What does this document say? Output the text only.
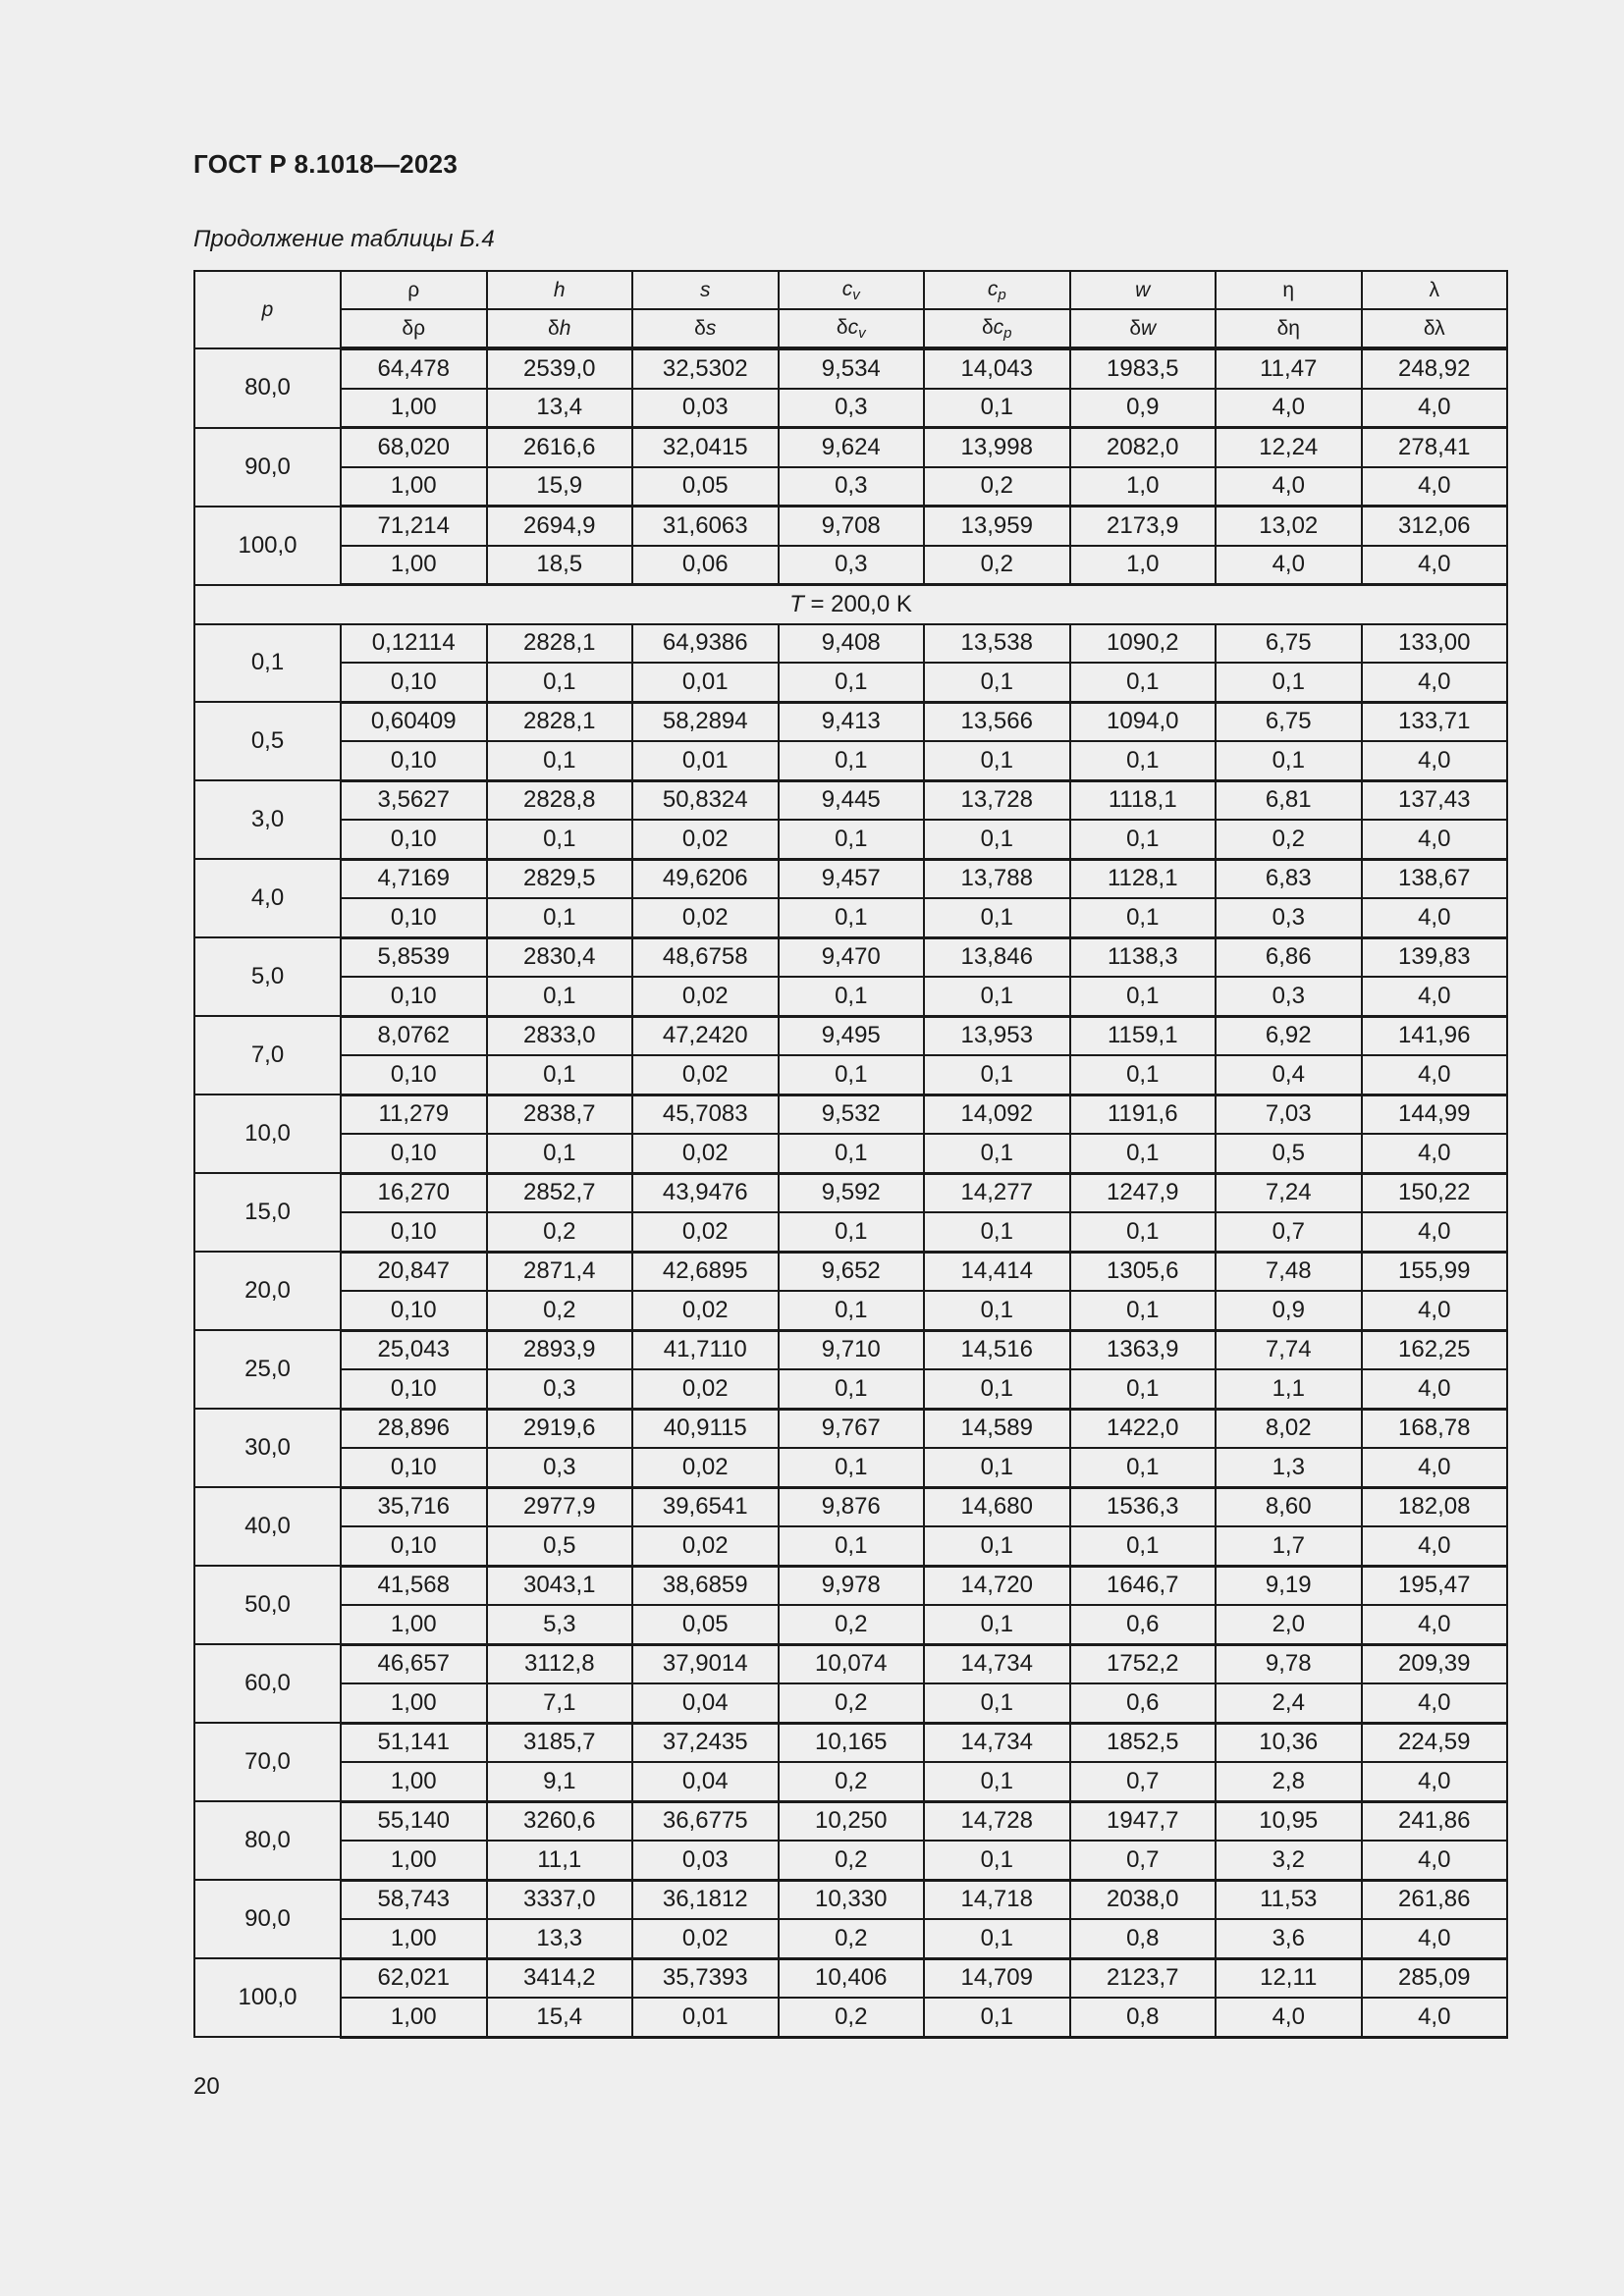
ГОСТ Р 8.1018—2023
Продолжение таблицы Б.4
p	ρ	h	s	$c_v$	$c_p$	w	η	λ
	δρ	δh	δs	$\delta c_v$	$\delta c_p$	δw	δη	δλ
80,0	64,478	2539,0	32,5302	9,534	14,043	1983,5	11,47	248,92
	1,00	13,4	0,03	0,3	0,1	0,9	4,0	4,0
90,0	68,020	2616,6	32,0415	9,624	13,998	2082,0	12,24	278,41
	1,00	15,9	0,05	0,3	0,2	1,0	4,0	4,0
100,0	71,214	2694,9	31,6063	9,708	13,959	2173,9	13,02	312,06
	1,00	18,5	0,06	0,3	0,2	1,0	4,0	4,0
T = 200,0 K								
0,1	0,12114	2828,1	64,9386	9,408	13,538	1090,2	6,75	133,00
	0,10	0,1	0,01	0,1	0,1	0,1	0,1	4,0
0,5	0,60409	2828,1	58,2894	9,413	13,566	1094,0	6,75	133,71
	0,10	0,1	0,01	0,1	0,1	0,1	0,1	4,0
3,0	3,5627	2828,8	50,8324	9,445	13,728	1118,1	6,81	137,43
	0,10	0,1	0,02	0,1	0,1	0,1	0,2	4,0
4,0	4,7169	2829,5	49,6206	9,457	13,788	1128,1	6,83	138,67
	0,10	0,1	0,02	0,1	0,1	0,1	0,3	4,0
5,0	5,8539	2830,4	48,6758	9,470	13,846	1138,3	6,86	139,83
	0,10	0,1	0,02	0,1	0,1	0,1	0,3	4,0
7,0	8,0762	2833,0	47,2420	9,495	13,953	1159,1	6,92	141,96
	0,10	0,1	0,02	0,1	0,1	0,1	0,4	4,0
10,0	11,279	2838,7	45,7083	9,532	14,092	1191,6	7,03	144,99
	0,10	0,1	0,02	0,1	0,1	0,1	0,5	4,0
15,0	16,270	2852,7	43,9476	9,592	14,277	1247,9	7,24	150,22
	0,10	0,2	0,02	0,1	0,1	0,1	0,7	4,0
20,0	20,847	2871,4	42,6895	9,652	14,414	1305,6	7,48	155,99
	0,10	0,2	0,02	0,1	0,1	0,1	0,9	4,0
25,0	25,043	2893,9	41,7110	9,710	14,516	1363,9	7,74	162,25
	0,10	0,3	0,02	0,1	0,1	0,1	1,1	4,0
30,0	28,896	2919,6	40,9115	9,767	14,589	1422,0	8,02	168,78
	0,10	0,3	0,02	0,1	0,1	0,1	1,3	4,0
40,0	35,716	2977,9	39,6541	9,876	14,680	1536,3	8,60	182,08
	0,10	0,5	0,02	0,1	0,1	0,1	1,7	4,0
50,0	41,568	3043,1	38,6859	9,978	14,720	1646,7	9,19	195,47
	1,00	5,3	0,05	0,2	0,1	0,6	2,0	4,0
60,0	46,657	3112,8	37,9014	10,074	14,734	1752,2	9,78	209,39
	1,00	7,1	0,04	0,2	0,1	0,6	2,4	4,0
70,0	51,141	3185,7	37,2435	10,165	14,734	1852,5	10,36	224,59
	1,00	9,1	0,04	0,2	0,1	0,7	2,8	4,0
80,0	55,140	3260,6	36,6775	10,250	14,728	1947,7	10,95	241,86
	1,00	11,1	0,03	0,2	0,1	0,7	3,2	4,0
90,0	58,743	3337,0	36,1812	10,330	14,718	2038,0	11,53	261,86
	1,00	13,3	0,02	0,2	0,1	0,8	3,6	4,0
100,0	62,021	3414,2	35,7393	10,406	14,709	2123,7	12,11	285,09
	1,00	15,4	0,01	0,2	0,1	0,8	4,0	4,0
20
